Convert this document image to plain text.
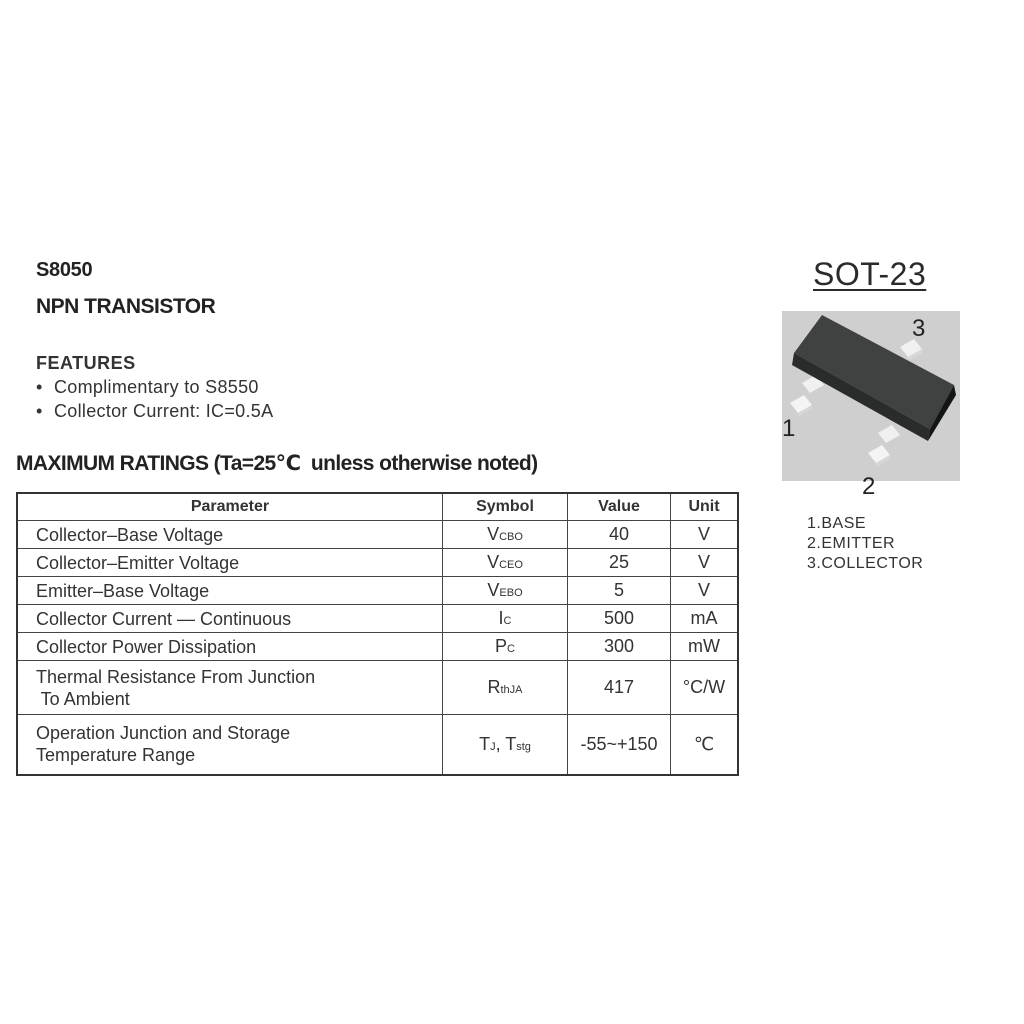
S8050
NPN TRANSISTOR
FEATURES
• Complimentary to S8550
• Collector Current: IC=0.5A
MAXIMUM RATINGS (Ta=25℃  unless otherwise noted)
Parameter	Symbol	Value	Unit
Collector–Base Voltage	VCBO	40	V
Collector–Emitter Voltage	VCEO	25	V
Emitter–Base Voltage	VEBO	5	V
Collector Current — Continuous	IC	500	mA
Collector Power Dissipation	PC	300	mW

Thermal Resistance From Junction
To Ambient	RthJA	417	°C/W

Operation Junction and Storage
Temperature Range	TJ, Tstg	-55~+150	℃
SOT-23
3
1
2
1.BASE
2.EMITTER
3.COLLECTOR
